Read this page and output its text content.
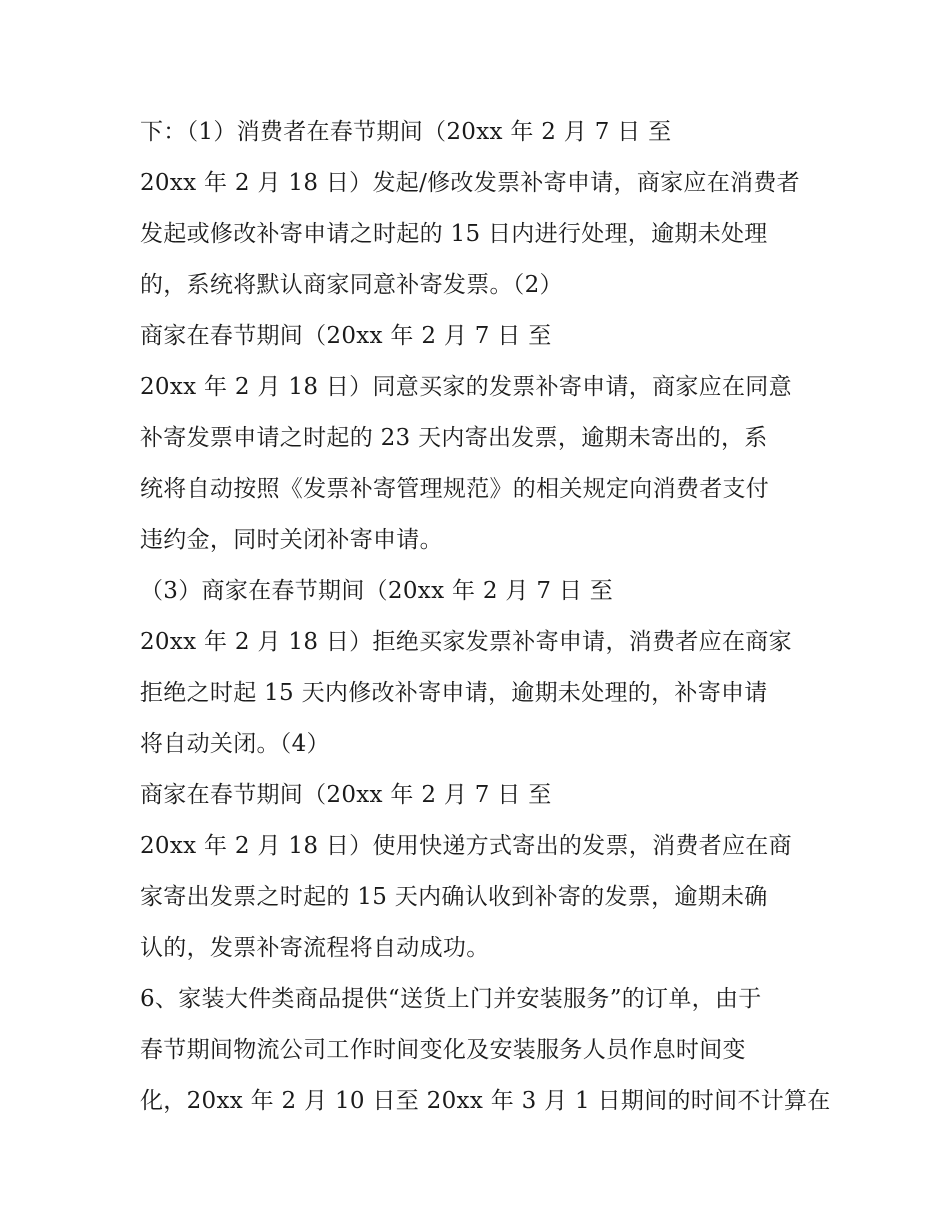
下：（1）消费者在春节期间（20xx 年 2 月 7 日 至

20xx 年 2 月 18 日）发起/修改发票补寄申请，商家应在消费者

发起或修改补寄申请之时起的 15 日内进行处理，逾期未处理

的，系统将默认商家同意补寄发票。（2）

商家在春节期间（20xx 年 2 月 7 日 至

20xx 年 2 月 18 日）同意买家的发票补寄申请，商家应在同意

补寄发票申请之时起的 23 天内寄出发票，逾期未寄出的，系

统将自动按照《发票补寄管理规范》的相关规定向消费者支付

违约金，同时关闭补寄申请。

（3）商家在春节期间（20xx 年 2 月 7 日 至

20xx 年 2 月 18 日）拒绝买家发票补寄申请，消费者应在商家

拒绝之时起 15 天内修改补寄申请，逾期未处理的，补寄申请

将自动关闭。（4）

商家在春节期间（20xx 年 2 月 7 日 至

20xx 年 2 月 18 日）使用快递方式寄出的发票，消费者应在商

家寄出发票之时起的 15 天内确认收到补寄的发票，逾期未确

认的，发票补寄流程将自动成功。

6、家装大件类商品提供“送货上门并安装服务”的订单，由于

春节期间物流公司工作时间变化及安装服务人员作息时间变

化，20xx 年 2 月 10 日至 20xx 年 3 月 1 日期间的时间不计算在
